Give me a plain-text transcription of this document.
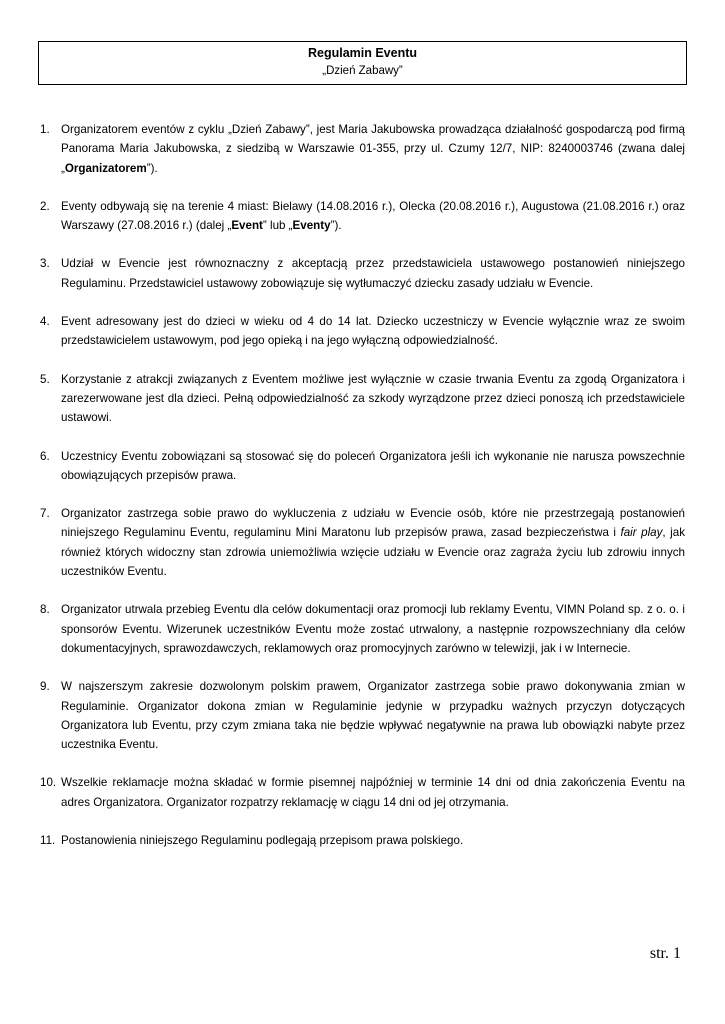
Regulamin Eventu
„Dzień Zabawy”
1. Organizatorem eventów z cyklu „Dzień Zabawy”, jest Maria Jakubowska prowadząca działalność gospodarczą pod firmą Panorama Maria Jakubowska, z siedzibą w Warszawie 01-355, przy ul. Czumy 12/7, NIP: 8240003746 (zwana dalej „Organizatorem”).
2. Eventy odbywają się na terenie 4 miast: Bielawy (14.08.2016 r.), Olecka (20.08.2016 r.), Augustowa (21.08.2016 r.) oraz Warszawy (27.08.2016 r.) (dalej „Event” lub „Eventy”).
3. Udział w Evencie jest równoznaczny z akceptacją przez przedstawiciela ustawowego postanowień niniejszego Regulaminu. Przedstawiciel ustawowy zobowiązuje się wytłumaczyć dziecku zasady udziału w Evencie.
4. Event adresowany jest do dzieci w wieku od 4 do 14 lat. Dziecko uczestniczy w Evencie wyłącznie wraz ze swoim przedstawicielem ustawowym, pod jego opieką i na jego wyłączną odpowiedzialność.
5. Korzystanie z atrakcji związanych z Eventem możliwe jest wyłącznie w czasie trwania Eventu za zgodą Organizatora i zarezerwowane jest dla dzieci. Pełną odpowiedzialność za szkody wyrządzone przez dzieci ponoszą ich przedstawiciele ustawowi.
6. Uczestnicy Eventu zobowiązani są stosować się do poleceń Organizatora jeśli ich wykonanie nie narusza powszechnie obowiązujących przepisów prawa.
7. Organizator zastrzega sobie prawo do wykluczenia z udziału w Evencie osób, które nie przestrzegają postanowień niniejszego Regulaminu Eventu, regulaminu Mini Maratonu lub przepisów prawa, zasad bezpieczeństwa i fair play, jak również których widoczny stan zdrowia uniemożliwia wzięcie udziału w Evencie oraz zagraża życiu lub zdrowiu innych uczestników Eventu.
8. Organizator utrwala przebieg Eventu dla celów dokumentacji oraz promocji lub reklamy Eventu, VIMN Poland sp. z o. o. i sponsorów Eventu. Wizerunek uczestników Eventu może zostać utrwalony, a następnie rozpowszechniany dla celów dokumentacyjnych, sprawozdawczych, reklamowych oraz promocyjnych zarówno w telewizji, jak i w Internecie.
9. W najszerszym zakresie dozwolonym polskim prawem, Organizator zastrzega sobie prawo dokonywania zmian w Regulaminie. Organizator dokona zmian w Regulaminie jedynie w przypadku ważnych przyczyn dotyczących Organizatora lub Eventu, przy czym zmiana taka nie będzie wpływać negatywnie na prawa lub obowiązki nabyte przez uczestnika Eventu.
10. Wszelkie reklamacje można składać w formie pisemnej najpóźniej w terminie 14 dni od dnia zakończenia Eventu na adres Organizatora. Organizator rozpatrzy reklamację w ciągu 14 dni od jej otrzymania.
11. Postanowienia niniejszego Regulaminu podlegają przepisom prawa polskiego.
str. 1
